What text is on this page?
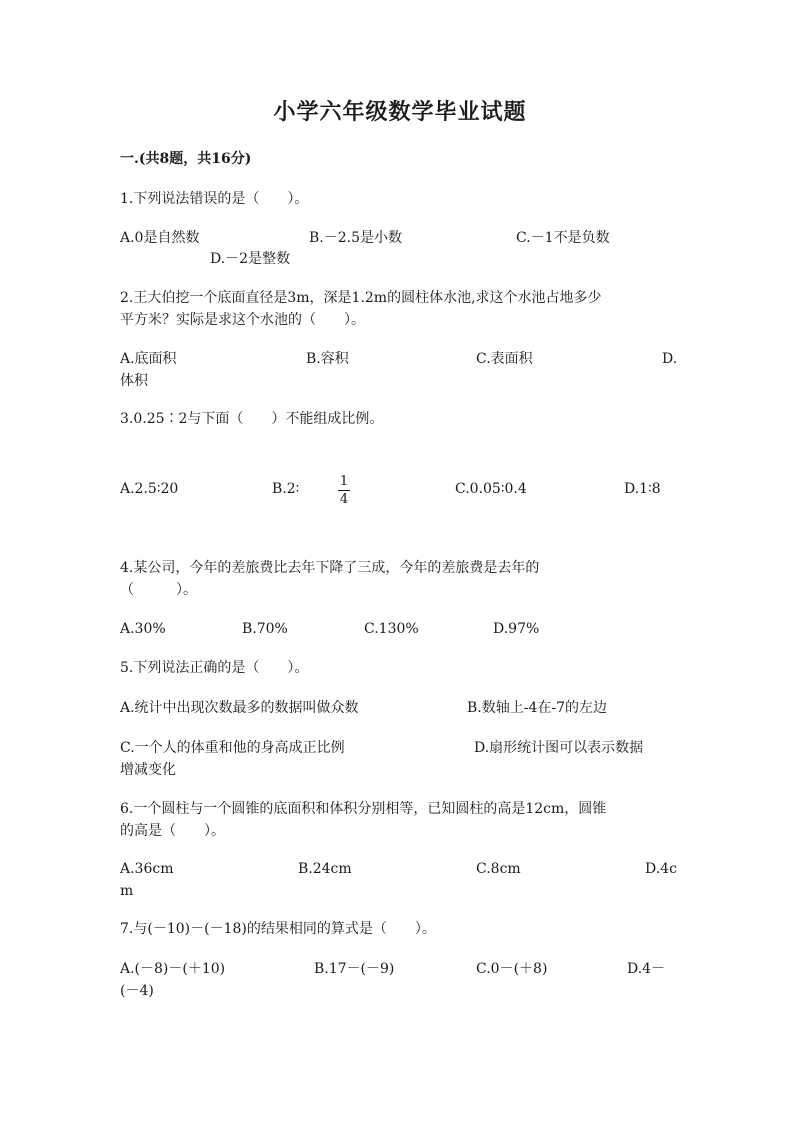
小学六年级数学毕业试题
一.(共8题，共16分)
1.下列说法错误的是（　　）。
A.0是自然数	B.－2.5是小数	C.－1不是负数
D.－2是整数
2.王大伯挖一个底面直径是3m，深是1.2m的圆柱体水池,求这个水池占地多少
平方米？实际是求这个水池的（　　）。
A.底面积	B.容积	C.表面积	D.
体积
3.0.25∶2与下面（　　）不能组成比例。
A.2.5∶20	B.2∶	$\frac{1}{4}$	C.0.05∶0.4	D.1∶8
4.某公司，今年的差旅费比去年下降了三成，今年的差旅费是去年的
（　　　）。
A.30%	B.70%	C.130%	D.97%
5.下列说法正确的是（　　）。
A.统计中出现次数最多的数据叫做众数	B.数轴上-4在-7的左边
C.一个人的体重和他的身高成正比例	D.扇形统计图可以表示数据
增减变化
6.一个圆柱与一个圆锥的底面积和体积分别相等，已知圆柱的高是12cm，圆锥
的高是（　　）。
A.36cm	B.24cm	C.8cm	D.4c
m
7.与(－10)－(－18)的结果相同的算式是（　　）。
A.(－8)－(＋10)	B.17－(－9)	C.0－(＋8)	D.4－
(－4)
